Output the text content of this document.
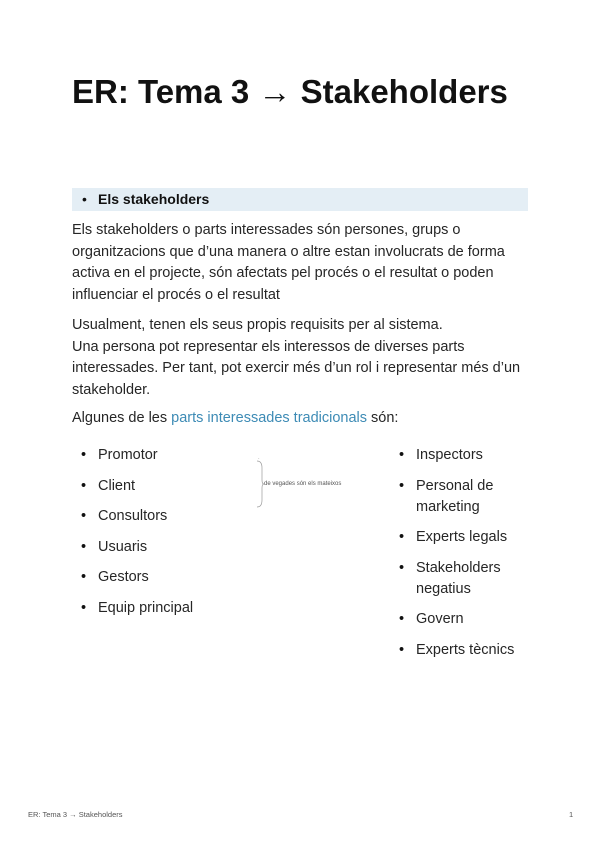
ER: Tema 3 → Stakeholders
• Els stakeholders

Els stakeholders o parts interessades són persones, grups o organitzacions que d’una manera o altre estan involucrats de forma activa en el projecte, són afectats pel procés o el resultat o poden influenciar el procés o el resultat

Usualment, tenen els seus propis requisits per al sistema.
Una persona pot representar els interessos de diverses parts interessades. Per tant, pot exercir més d’un rol i representar més d’un stakeholder.

Algunes de les parts interessades tradicionals són:

• Promotor
• Client
• Consultors
• Usuaris
• Gestors
• Equip principal
·
de vegades són els mateixos
• Inspectors
• Personal de marketing
• Experts legals
• Stakeholders negatius
• Govern
• Experts tècnics
ER: Tema 3 → Stakeholders	1
